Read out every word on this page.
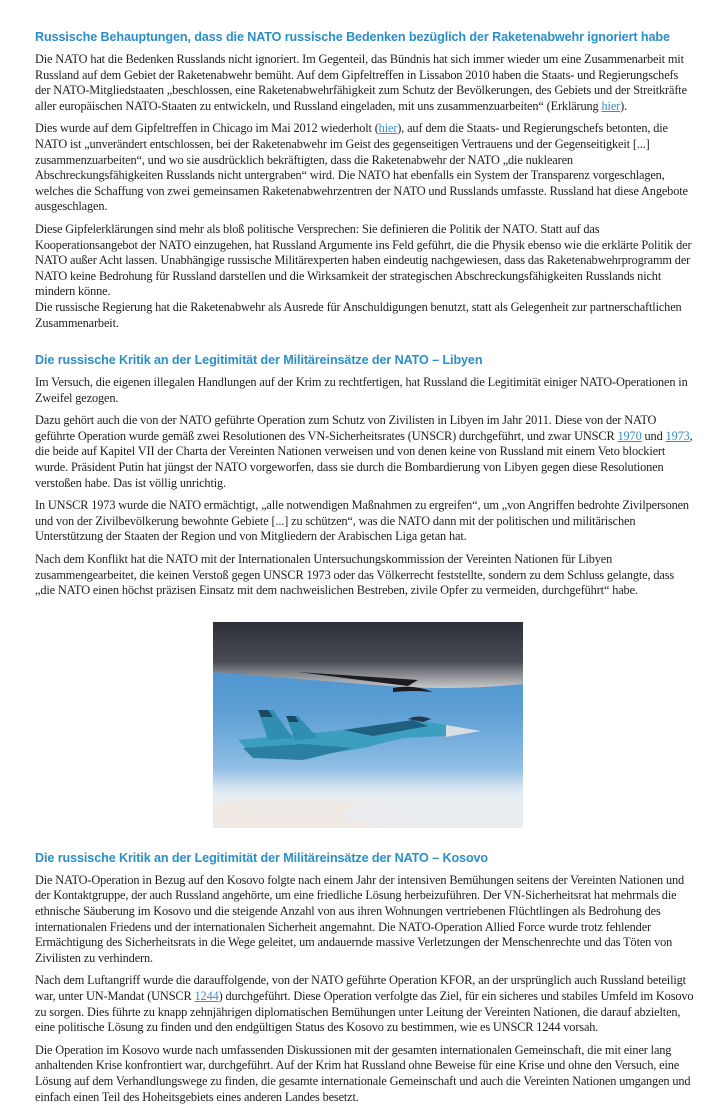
Russische Behauptungen, dass die NATO russische Bedenken bezüglich der Raketenabwehr ignoriert habe

Die NATO hat die Bedenken Russlands nicht ignoriert. Im Gegenteil, das Bündnis hat sich immer wieder um eine Zusammenarbeit mit Russland auf dem Gebiet der Raketenabwehr bemüht. Auf dem Gipfeltreffen in Lissabon 2010 haben die Staats- und Regierungschefs der NATO-Mitgliedstaaten „beschlossen, eine Raketenabwehrfähigkeit zum Schutz der Bevölkerungen, des Gebiets und der Streitkräfte aller europäischen NATO-Staaten zu entwickeln, und Russland eingeladen, mit uns zusammenzuarbeiten“ (Erklärung hier).

Dies wurde auf dem Gipfeltreffen in Chicago im Mai 2012 wiederholt (hier), auf dem die Staats- und Regierungschefs betonten, die NATO ist „unverändert entschlossen, bei der Raketenabwehr im Geist des gegenseitigen Vertrauens und der Gegenseitigkeit [...] zusammenzuarbeiten“, und wo sie ausdrücklich bekräftigten, dass die Raketenabwehr der NATO „die nuklearen Abschreckungsfähigkeiten Russlands nicht untergraben“ wird. Die NATO hat ebenfalls ein System der Transparenz vorgeschlagen, welches die Schaffung von zwei gemeinsamen Raketenabwehrzentren der NATO und Russlands umfasste. Russland hat diese Angebote ausgeschlagen.

Diese Gipfelerklärungen sind mehr als bloß politische Versprechen: Sie definieren die Politik der NATO. Statt auf das Kooperationsangebot der NATO einzugehen, hat Russland Argumente ins Feld geführt, die die Physik ebenso wie die erklärte Politik der NATO außer Acht lassen. Unabhängige russische Militärexperten haben eindeutig nachgewiesen, dass das Raketenabwehrprogramm der NATO keine Bedrohung für Russland darstellen und die Wirksamkeit der strategischen Abschreckungsfähigkeiten Russlands nicht mindern könne.
Die russische Regierung hat die Raketenabwehr als Ausrede für Anschuldigungen benutzt, statt als Gelegenheit zur partnerschaftlichen Zusammenarbeit.

Die russische Kritik an der Legitimität der Militäreinsätze der NATO – Libyen

Im Versuch, die eigenen illegalen Handlungen auf der Krim zu rechtfertigen, hat Russland die Legitimität einiger NATO-Operationen in Zweifel gezogen.

Dazu gehört auch die von der NATO geführte Operation zum Schutz von Zivilisten in Libyen im Jahr 2011. Diese von der NATO geführte Operation wurde gemäß zwei Resolutionen des VN-Sicherheitsrates (UNSCR) durchgeführt, und zwar UNSCR 1970 und 1973, die beide auf Kapitel VII der Charta der Vereinten Nationen verweisen und von denen keine von Russland mit einem Veto blockiert wurde. Präsident Putin hat jüngst der NATO vorgeworfen, dass sie durch die Bombardierung von Libyen gegen diese Resolutionen verstoßen habe. Das ist völlig unrichtig.

In UNSCR 1973 wurde die NATO ermächtigt, „alle notwendigen Maßnahmen zu ergreifen“, um „von Angriffen bedrohte Zivilpersonen und von der Zivilbevölkerung bewohnte Gebiete [...] zu schützen“, was die NATO dann mit der politischen und militärischen Unterstützung der Staaten der Region und von Mitgliedern der Arabischen Liga getan hat.

Nach dem Konflikt hat die NATO mit der Internationalen Untersuchungskommission der Vereinten Nationen für Libyen zusammengearbeitet, die keinen Verstoß gegen UNSCR 1973 oder das Völkerrecht feststellte, sondern zu dem Schluss gelangte, dass „die NATO einen höchst präzisen Einsatz mit dem nachweislichen Bestreben, zivile Opfer zu vermeiden, durchgeführt“ habe.

Die russische Kritik an der Legitimität der Militäreinsätze der NATO – Kosovo

Die NATO-Operation in Bezug auf den Kosovo folgte nach einem Jahr der intensiven Bemühungen seitens der Vereinten Nationen und der Kontaktgruppe, der auch Russland angehörte, um eine friedliche Lösung herbeizuführen. Der VN-Sicherheitsrat hat mehrmals die ethnische Säuberung im Kosovo und die steigende Anzahl von aus ihren Wohnungen vertriebenen Flüchtlingen als Bedrohung des internationalen Friedens und der internationalen Sicherheit angemahnt. Die NATO-Operation Allied Force wurde trotz fehlender Ermächtigung des Sicherheitsrats in die Wege geleitet, um andauernde massive Verletzungen der Menschenrechte und das Töten von Zivilisten zu verhindern.

Nach dem Luftangriff wurde die darauffolgende, von der NATO geführte Operation KFOR, an der ursprünglich auch Russland beteiligt war, unter UN-Mandat (UNSCR 1244) durchgeführt. Diese Operation verfolgte das Ziel, für ein sicheres und stabiles Umfeld im Kosovo zu sorgen. Dies führte zu knapp zehnjährigen diplomatischen Bemühungen unter Leitung der Vereinten Nationen, die darauf abzielten, eine politische Lösung zu finden und den endgültigen Status des Kosovo zu bestimmen, wie es UNSCR 1244 vorsah.

Die Operation im Kosovo wurde nach umfassenden Diskussionen mit der gesamten internationalen Gemeinschaft, die mit einer lang anhaltenden Krise konfrontiert war, durchgeführt. Auf der Krim hat Russland ohne Beweise für eine Krise und ohne den Versuch, eine Lösung auf dem Verhandlungswege zu finden, die gesamte internationale Gemeinschaft und auch die Vereinten Nationen umgangen und einfach einen Teil des Hoheitsgebiets eines anderen Landes besetzt.
